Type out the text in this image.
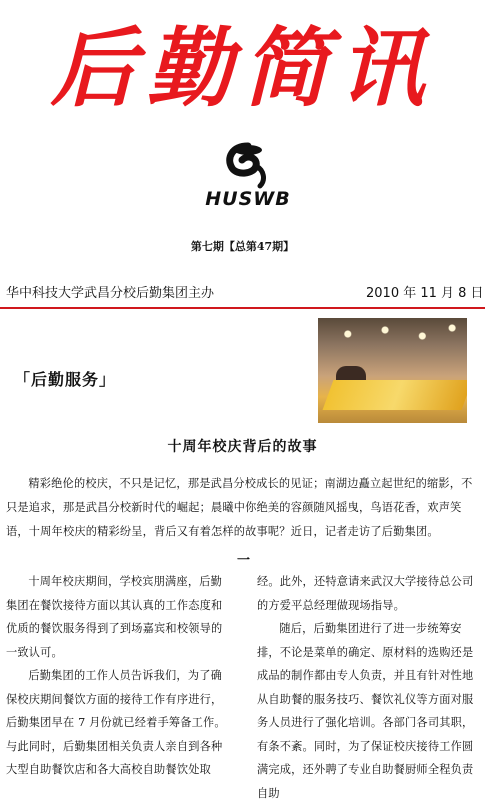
后勤简讯
HUSWB
第七期【总第47期】
华中科技大学武昌分校后勤集团主办	2010 年 11 月 8 日
「后勤服务」
十周年校庆背后的故事
精彩绝伦的校庆，不只是记忆，那是武昌分校成长的见证；南湖边矗立起世纪的缩影，不只是追求，那是武昌分校新时代的崛起；晨曦中你绝美的容颜随风摇曳，鸟语花香，欢声笑语，十周年校庆的精彩纷呈，背后又有着怎样的故事呢？近日，记者走访了后勤集团。
一

十周年校庆期间，学校宾朋满座，后勤集团在餐饮接待方面以其认真的工作态度和优质的餐饮服务得到了到场嘉宾和校领导的一致认可。

后勤集团的工作人员告诉我们，为了确保校庆期间餐饮方面的接待工作有序进行，后勤集团早在 7 月份就已经着手筹备工作。与此同时，后勤集团相关负责人亲自到各种大型自助餐饮店和各大高校自助餐饮处取

经。此外，还特意请来武汉大学接待总公司的方爱平总经理做现场指导。

随后，后勤集团进行了进一步统筹安排，不论是菜单的确定、原材料的选购还是成品的制作都由专人负责，并且有针对性地从自助餐的服务技巧、餐饮礼仪等方面对服务人员进行了强化培训。各部门各司其职，有条不紊。同时，为了保证校庆接待工作圆满完成，还外聘了专业自助餐厨师全程负责自助
